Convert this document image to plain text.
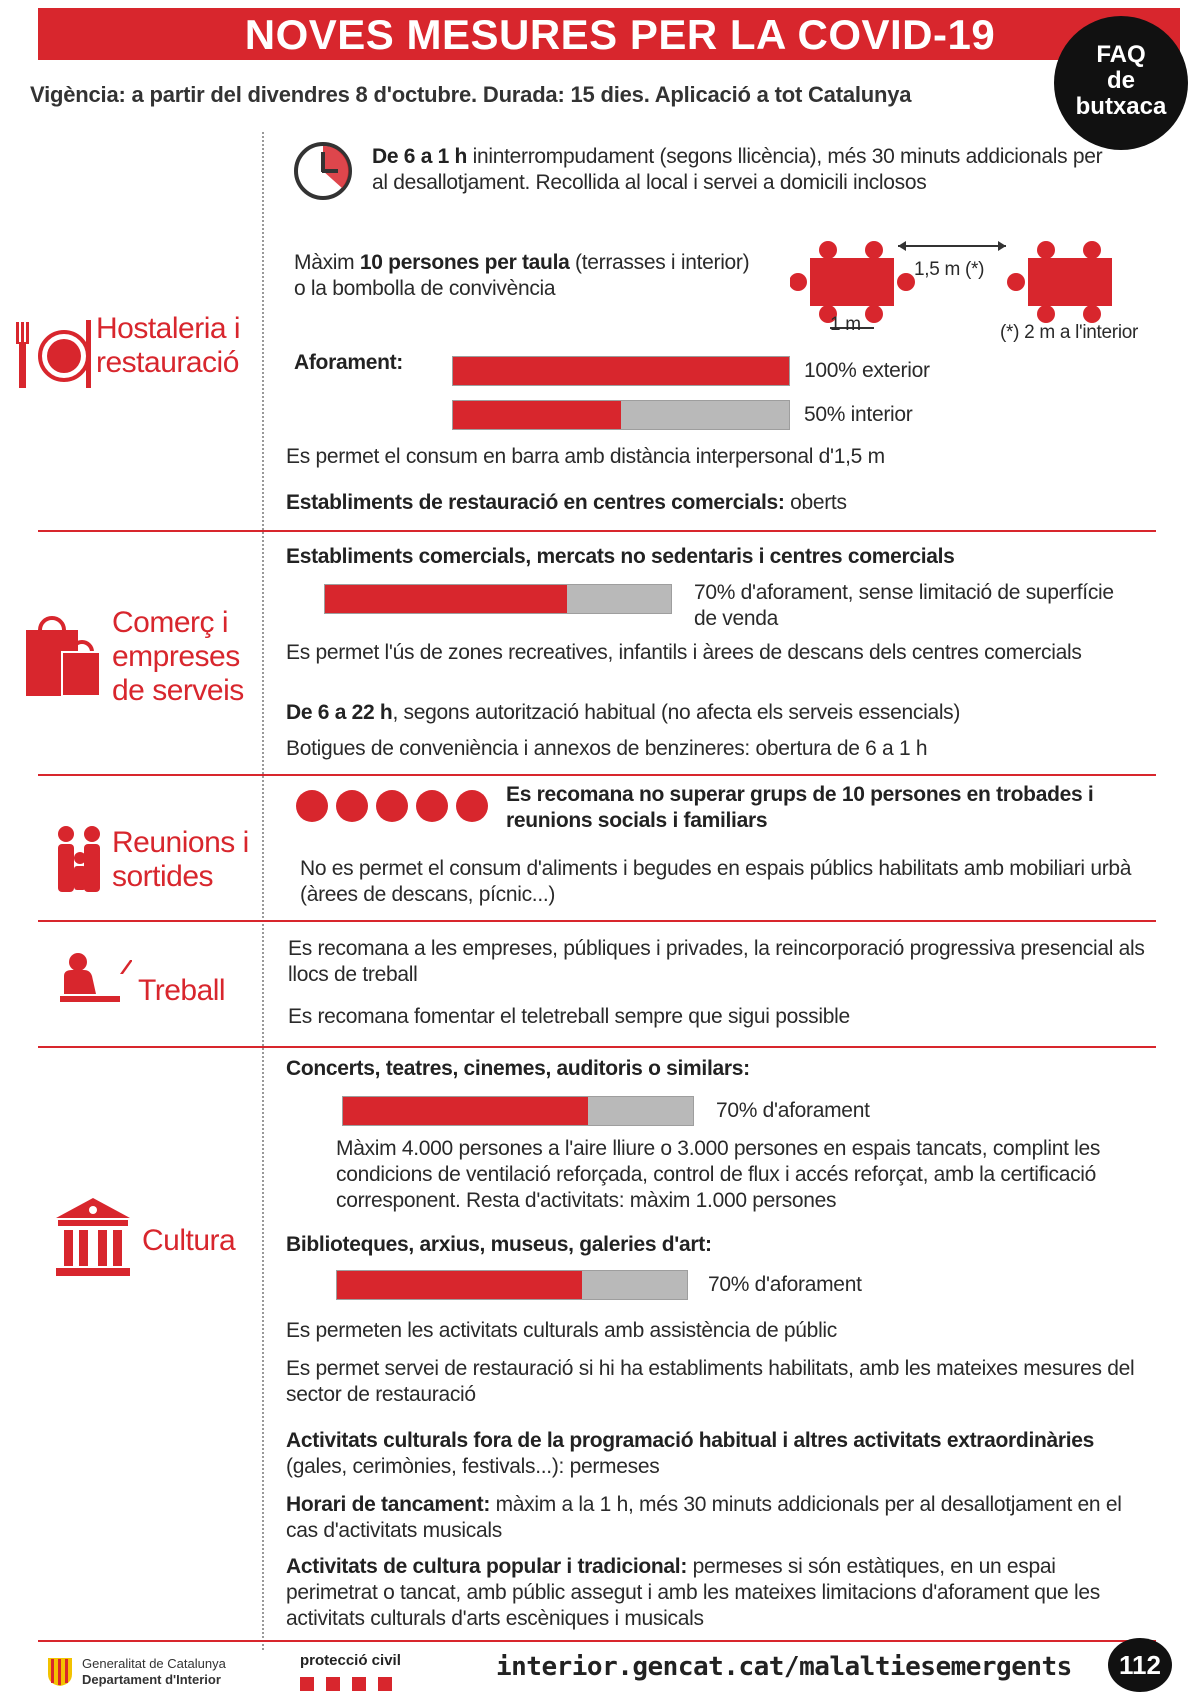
NOVES MESURES PER LA COVID-19	FAQ
de
butxaca
Vigència: a partir del divendres 8 d'octubre. Durada: 15 dies. Aplicació a tot Catalunya
Hostaleria i restauració
De 6 a 1 h ininterrompudament (segons llicència), més 30 minuts addicionals per al desallotjament. Recollida al local i servei a domicili inclosos
Màxim 10 persones per taula (terrasses i interior) o la bombolla de convivència
1,5 m (*)
1 m	(*) 2 m a l'interior
Aforament:	100% exterior
50% interior
Es permet el consum en barra amb distància interpersonal d'1,5 m
Establiments de restauració en centres comercials: oberts
Comerç i empreses de serveis
Establiments comercials, mercats no sedentaris i centres comercials
70% d'aforament, sense limitació de superfície de venda
Es permet l'ús de zones recreatives, infantils i àrees de descans dels centres comercials
De 6 a 22 h, segons autorització habitual (no afecta els serveis essencials)
Botigues de conveniència i annexos de benzineres: obertura de 6 a 1 h
Reunions i sortides
Es recomana no superar grups de 10 persones en trobades i reunions socials i familiars
No es permet el consum d'aliments i begudes en espais públics habilitats amb mobiliari urbà (àrees de descans, pícnic...)
Treball
Es recomana a les empreses, públiques i privades, la reincorporació progressiva presencial als llocs de treball
Es recomana fomentar el teletreball sempre que sigui possible
Cultura
Concerts, teatres, cinemes, auditoris o similars:
70% d'aforament
Màxim 4.000 persones a l'aire lliure o 3.000 persones en espais tancats, complint les condicions de ventilació reforçada, control de flux i accés reforçat, amb la certificació corresponent. Resta d'activitats: màxim 1.000 persones
Biblioteques, arxius, museus, galeries d'art:
70% d'aforament
Es permeten les activitats culturals amb assistència de públic
Es permet servei de restauració si hi ha establiments habilitats, amb les mateixes mesures del sector de restauració
Activitats culturals fora de la programació habitual i altres activitats extraordinàries (gales, cerimònies, festivals...): permeses
Horari de tancament: màxim a la 1 h, més 30 minuts addicionals per al desallotjament en el cas d'activitats musicals
Activitats de cultura popular i tradicional: permeses si són estàtiques, en un espai perimetrat o tancat, amb públic assegut i amb les mateixes limitacions d'aforament que les activitats culturals d'arts escèniques i musicals
Generalitat de Catalunya
Departament d'Interior
protecció civil	interior.gencat.cat/malaltiesemergents	112
